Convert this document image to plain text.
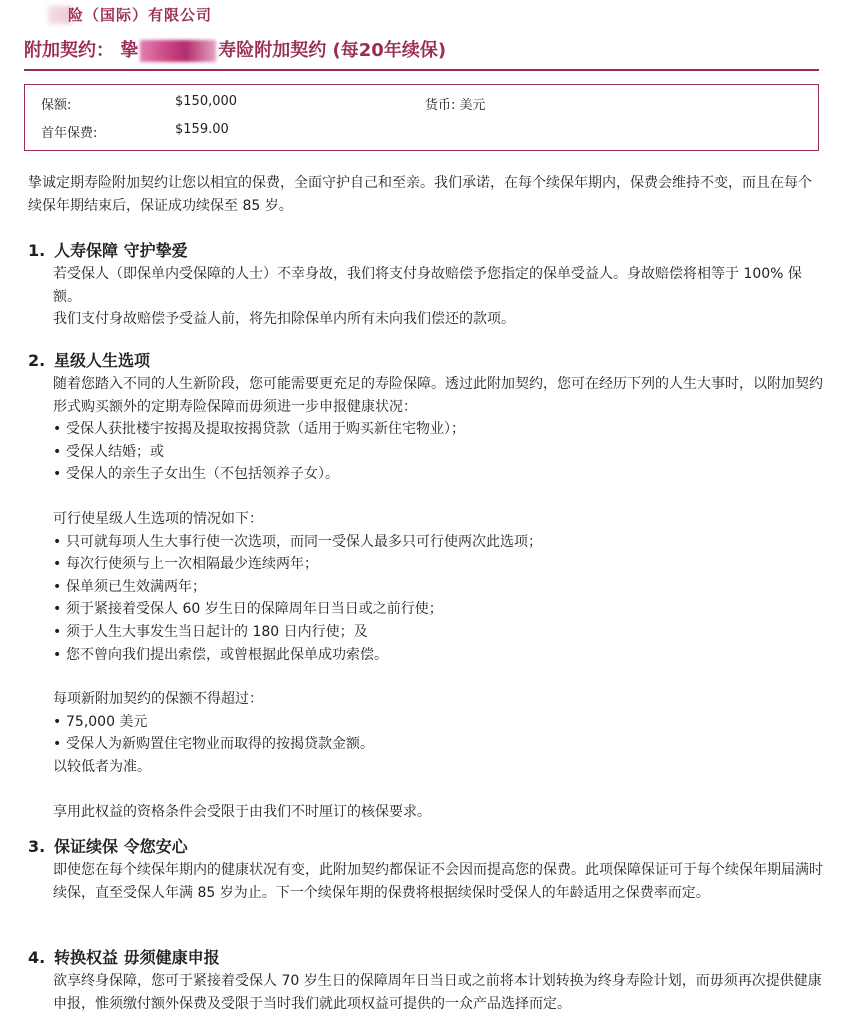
险（国际）有限公司
附加契约： 挚	寿险附加契约 (每20年续保)
保额:	$150,000	货币: 美元
首年保费:	$159.00
挚诚定期寿险附加契约让您以相宜的保费，全面守护自己和至亲。我们承诺，在每个续保年期内，保费会维持不变，而且在每个续保年期结束后，保证成功续保至 85 岁。
1. 人寿保障 守护挚爱

若受保人（即保单内受保障的人士）不幸身故，我们将支付身故赔偿予您指定的保单受益人。身故赔偿将相等于 100% 保额。

我们支付身故赔偿予受益人前，将先扣除保单内所有未向我们偿还的款项。

2. 星级人生选项

随着您踏入不同的人生新阶段，您可能需要更充足的寿险保障。透过此附加契约，您可在经历下列的人生大事时，以附加契约形式购买额外的定期寿险保障而毋须进一步申报健康状况：

• 受保人获批楼宇按揭及提取按揭贷款（适用于购买新住宅物业）；
• 受保人结婚；或
• 受保人的亲生子女出生（不包括领养子女）。

可行使星级人生选项的情况如下：

• 只可就每项人生大事行使一次选项，而同一受保人最多只可行使两次此选项；
• 每次行使须与上一次相隔最少连续两年；
• 保单须已生效满两年；
• 须于紧接着受保人 60 岁生日的保障周年日当日或之前行使；
• 须于人生大事发生当日起计的 180 日内行使；及
• 您不曾向我们提出索偿，或曾根据此保单成功索偿。

每项新附加契约的保额不得超过：

• 75,000 美元
• 受保人为新购置住宅物业而取得的按揭贷款金额。

以较低者为准。

享用此权益的资格条件会受限于由我们不时厘订的核保要求。

3. 保证续保 令您安心

即使您在每个续保年期内的健康状况有变，此附加契约都保证不会因而提高您的保费。此项保障保证可于每个续保年期届满时续保，直至受保人年满 85 岁为止。下一个续保年期的保费将根据续保时受保人的年龄适用之保费率而定。

4. 转换权益 毋须健康申报

欲享终身保障，您可于紧接着受保人 70 岁生日的保障周年日当日或之前将本计划转换为终身寿险计划，而毋须再次提供健康申报，惟须缴付额外保费及受限于当时我们就此项权益可提供的一众产品选择而定。
